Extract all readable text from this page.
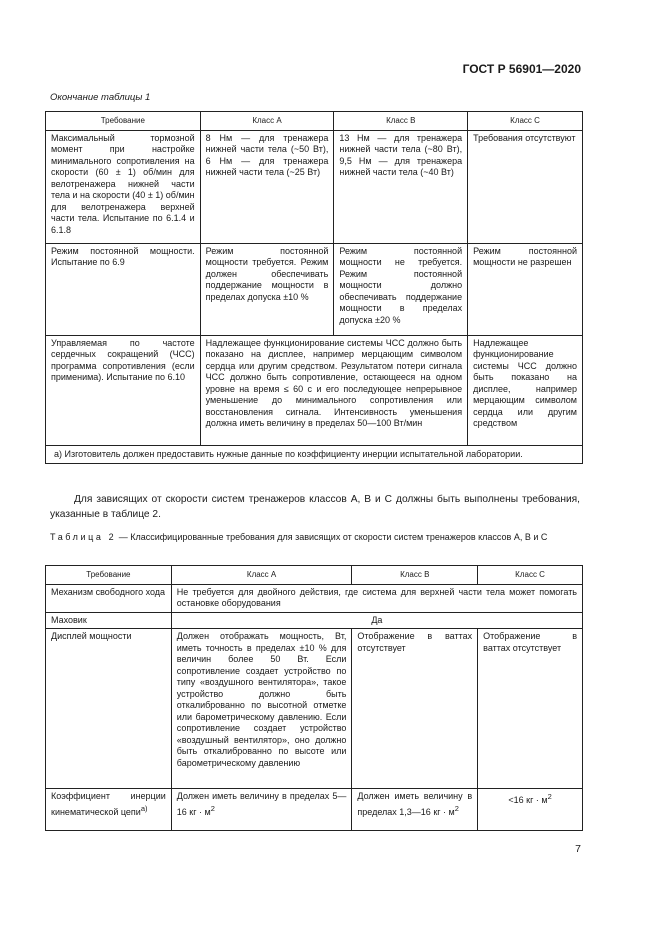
ГОСТ Р 56901—2020
Окончание таблицы 1
Требование	Класс A	Класс B	Класс C
Максимальный тормозной момент при настройке минимального сопротивления на скорости (60 ± 1) об/мин для велотренажера нижней части тела и на скорости (40 ± 1) об/мин для велотренажера верхней части тела. Испытание по 6.1.4 и 6.1.8	8 Нм — для тренажера нижней части тела (~50 Вт), 6 Нм — для тренажера нижней части тела (~25 Вт)	13 Нм — для тренажера нижней части тела (~80 Вт), 9,5 Нм — для тренажера нижней части тела (~40 Вт)	Требования отсутствуют
Режим постоянной мощности. Испытание по 6.9	Режим постоянной мощности требуется. Режим должен обеспечивать поддержание мощности в пределах допуска ±10 %	Режим постоянной мощности не требуется. Режим постоянной мощности должно обеспечивать поддержание мощности в пределах допуска ±20 %	Режим постоянной мощности не разрешен
Управляемая по частоте сердечных сокращений (ЧСС) программа сопротивления (если применима). Испытание по 6.10	Надлежащее функционирование системы ЧСС должно быть показано на дисплее, например мерцающим символом сердца или другим средством. Результатом потери сигнала ЧСС должно быть сопротивление, остающееся на одном уровне на время ≤ 60 с и его последующее непрерывное уменьшение до минимального сопротивления или восстановления сигнала. Интенсивность уменьшения должна иметь величину в пределах 50—100 Вт/мин		Надлежащее функционирование системы ЧСС должно быть показано на дисплее, например мерцающим символом сердца или другим средством
а) Изготовитель должен предоставить нужные данные по коэффициенту инерции испытательной лаборатории.			
Для зависящих от скорости систем тренажеров классов A, B и C должны быть выполнены требования, указанные в таблице 2.
Таблица 2 — Классифицированные требования для зависящих от скорости систем тренажеров классов A, B и C
Требование	Класс A	Класс B	Класс C
Механизм свободного хода	Не требуется для двойного действия, где система для верхней части тела может помогать остановке оборудования		
Маховик	Да		
Дисплей мощности	Должен отображать мощность, Вт, иметь точность в пределах ±10 % для величин более 50 Вт. Если сопротивление создает устройство по типу «воздушного вентилятора», такое устройство должно быть откалиброванно по высотной отметке или барометрическому давлению. Если сопротивление создает устройство «воздушный вентилятор», оно должно быть откалиброванно по высоте или барометрическому давлению	Отображение в ваттах отсутствует	Отображение в ваттах отсутствует
Коэффициент инерции кинематической цепи$^{а)}$	Должен иметь величину в пределах 5—16 кг · $м^2$	Должен иметь величину в пределах 1,3—16 кг · $м^2$	<16 кг · $м^2$
7
